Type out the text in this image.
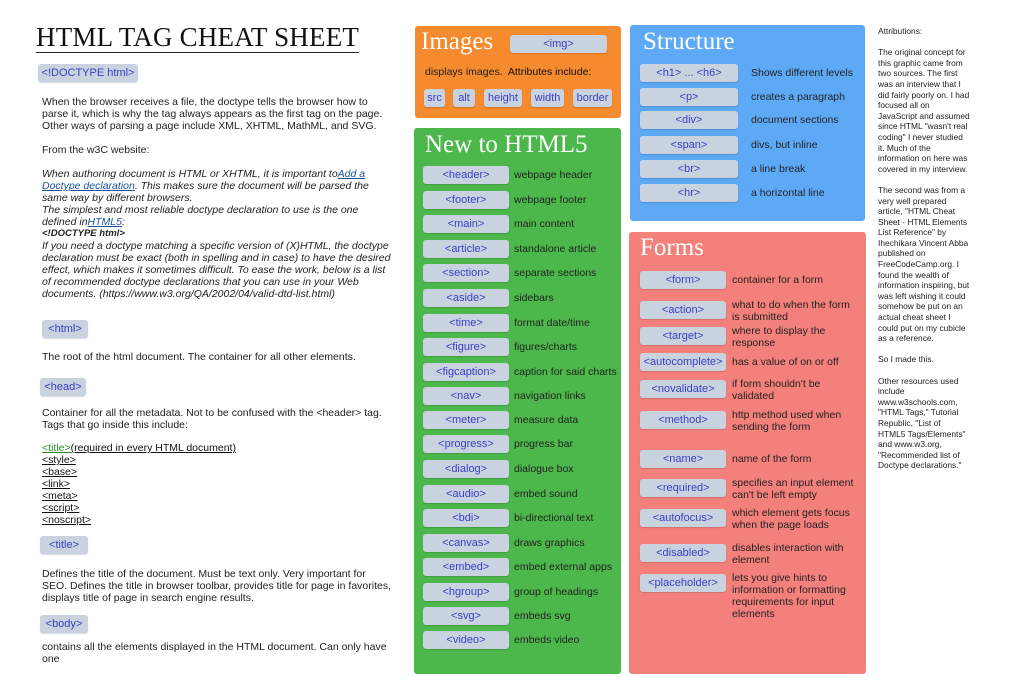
HTML TAG CHEAT SHEET
<!DOCTYPE html>

When the browser receives a file, the doctype tells the browser how to parse it, which is why the tag always appears as the first tag on the page. Other ways of parsing a page include XML, XHTML, MathML, and SVG.

From the w3C website:

When authoring document is HTML or XHTML, it is important toAdd a Doctype declaration. This makes sure the document will be parsed the same way by different browsers.

The simplest and most reliable doctype declaration to use is the one defined inHTML5:

<!DOCTYPE html>

If you need a doctype matching a specific version of (X)HTML, the doctype declaration must be exact (both in spelling and in case) to have the desired effect, which makes it sometimes difficult. To ease the work, below is a list of recommended doctype declarations that you can use in your Web documents. (https://www.w3.org/QA/2002/04/valid-dtd-list.html)

<html>
The root of the html document. The container for all other elements.
<head>

Container for all the metadata. Not to be confused with the <header> tag. Tags that go inside this include:

<title>(required in every HTML document)

<style>

<base>

<link>

<meta>

<script>

<noscript>

<title>
Defines the title of the document. Must be text only. Very important for SEO. Defines the title in browser toolbar, provides title for page in favorites, displays title of page in search engine results.
<body>
contains all the elements displayed in the HTML document. Can only have one
Images	<img>
displays images. Attributes include:
src	alt	height	width	border
New to HTML5
<header>	webpage header
<footer>	webpage footer
<main>	main content
<article>	standalone article
<section>	separate sections
<aside>	sidebars
<time>	format date/time
<figure>	figures/charts
<figcaption>	caption for said charts
<nav>	navigation links
<meter>	measure data
<progress>	progress bar
<dialog>	dialogue box
<audio>	embed sound
<bdi>	bi-directional text
<canvas>	draws graphics
<embed>	embed external apps
<hgroup>	group of headings
<svg>	embeds svg
<video>	embeds video
Structure
<h1> ... <h6>	Shows different levels
<p>	creates a paragraph
<div>	document sections
<span>	divs, but inline
<br>	a line break
<hr>	a horizontal line
Forms
<form>	container for a form
<action>	what to do when the form is submitted
<target>	where to display the response
<autocomplete> has a value of on or off
<novalidate>	if form shouldn't be validated
<method>	http method used when sending the form
<name>	name of the form
<required>	specifies an input element can't be left empty
<autofocus>	which element gets focus when the page loads
<disabled>	disables interaction with element
<placeholder>	lets you give hints to information or formatting requirements for input elements

Attributions:

The original concept for this graphic came from two sources. The first was an interview that I did fairly poorly on. I had focused all on JavaScript and assumed since HTML "wasn't real coding" I never studied it. Much of the information on here was covered in my interview.

The second was from a very well prepared article, "HTML Cheat Sheet - HTML Elements List Reference" by Ihechikara Vincent Abba published on FreeCodeCamp.org. I found the wealth of information inspiring, but was left wishing it could somehow be put on an actual cheat sheet I could put on my cubicle as a reference.

So I made this.

Other resources used include www.w3schools.com, "HTML Tags," Tutorial Republic, "List of HTML5 Tags/Elements" and www.w3.org, "Recommended list of Doctype declarations."
